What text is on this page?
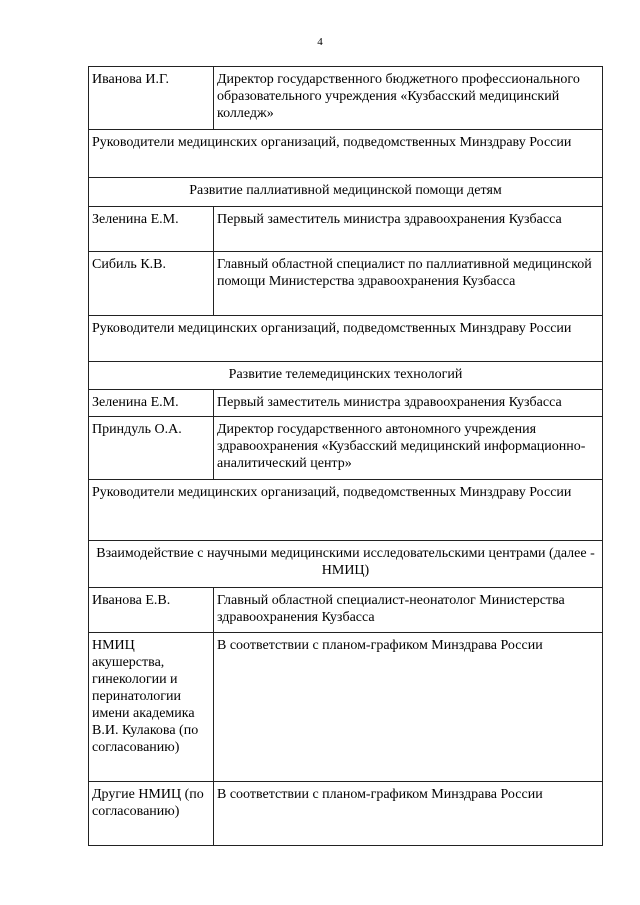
4
Иванова И.Г.	Директор государственного бюджетного профессионального образовательного учреждения «Кузбасский медицинский колледж»
Руководители медицинских организаций, подведомственных Минздраву России	
Развитие паллиативной медицинской помощи детям	
Зеленина Е.М.	Первый заместитель министра здравоохранения Кузбасса
Сибиль К.В.	Главный областной специалист по паллиативной медицинской помощи Министерства здравоохранения Кузбасса
Руководители медицинских организаций, подведомственных Минздраву России	
Развитие телемедицинских технологий	
Зеленина Е.М.	Первый заместитель министра здравоохранения Кузбасса
Приндуль О.А.	Директор государственного автономного учреждения здравоохранения «Кузбасский медицинский информационно-аналитический центр»
Руководители медицинских организаций, подведомственных Минздраву России	
Взаимодействие с научными медицинскими исследовательскими центрами (далее - НМИЦ)	
Иванова Е.В.	Главный областной специалист-неонатолог Министерства здравоохранения Кузбасса
НМИЦ акушерства, гинекологии и перинатологии имени академика В.И. Кулакова (по согласованию)	В соответствии с планом-графиком Минздрава России
Другие НМИЦ (по согласованию)	В соответствии с планом-графиком Минздрава России
